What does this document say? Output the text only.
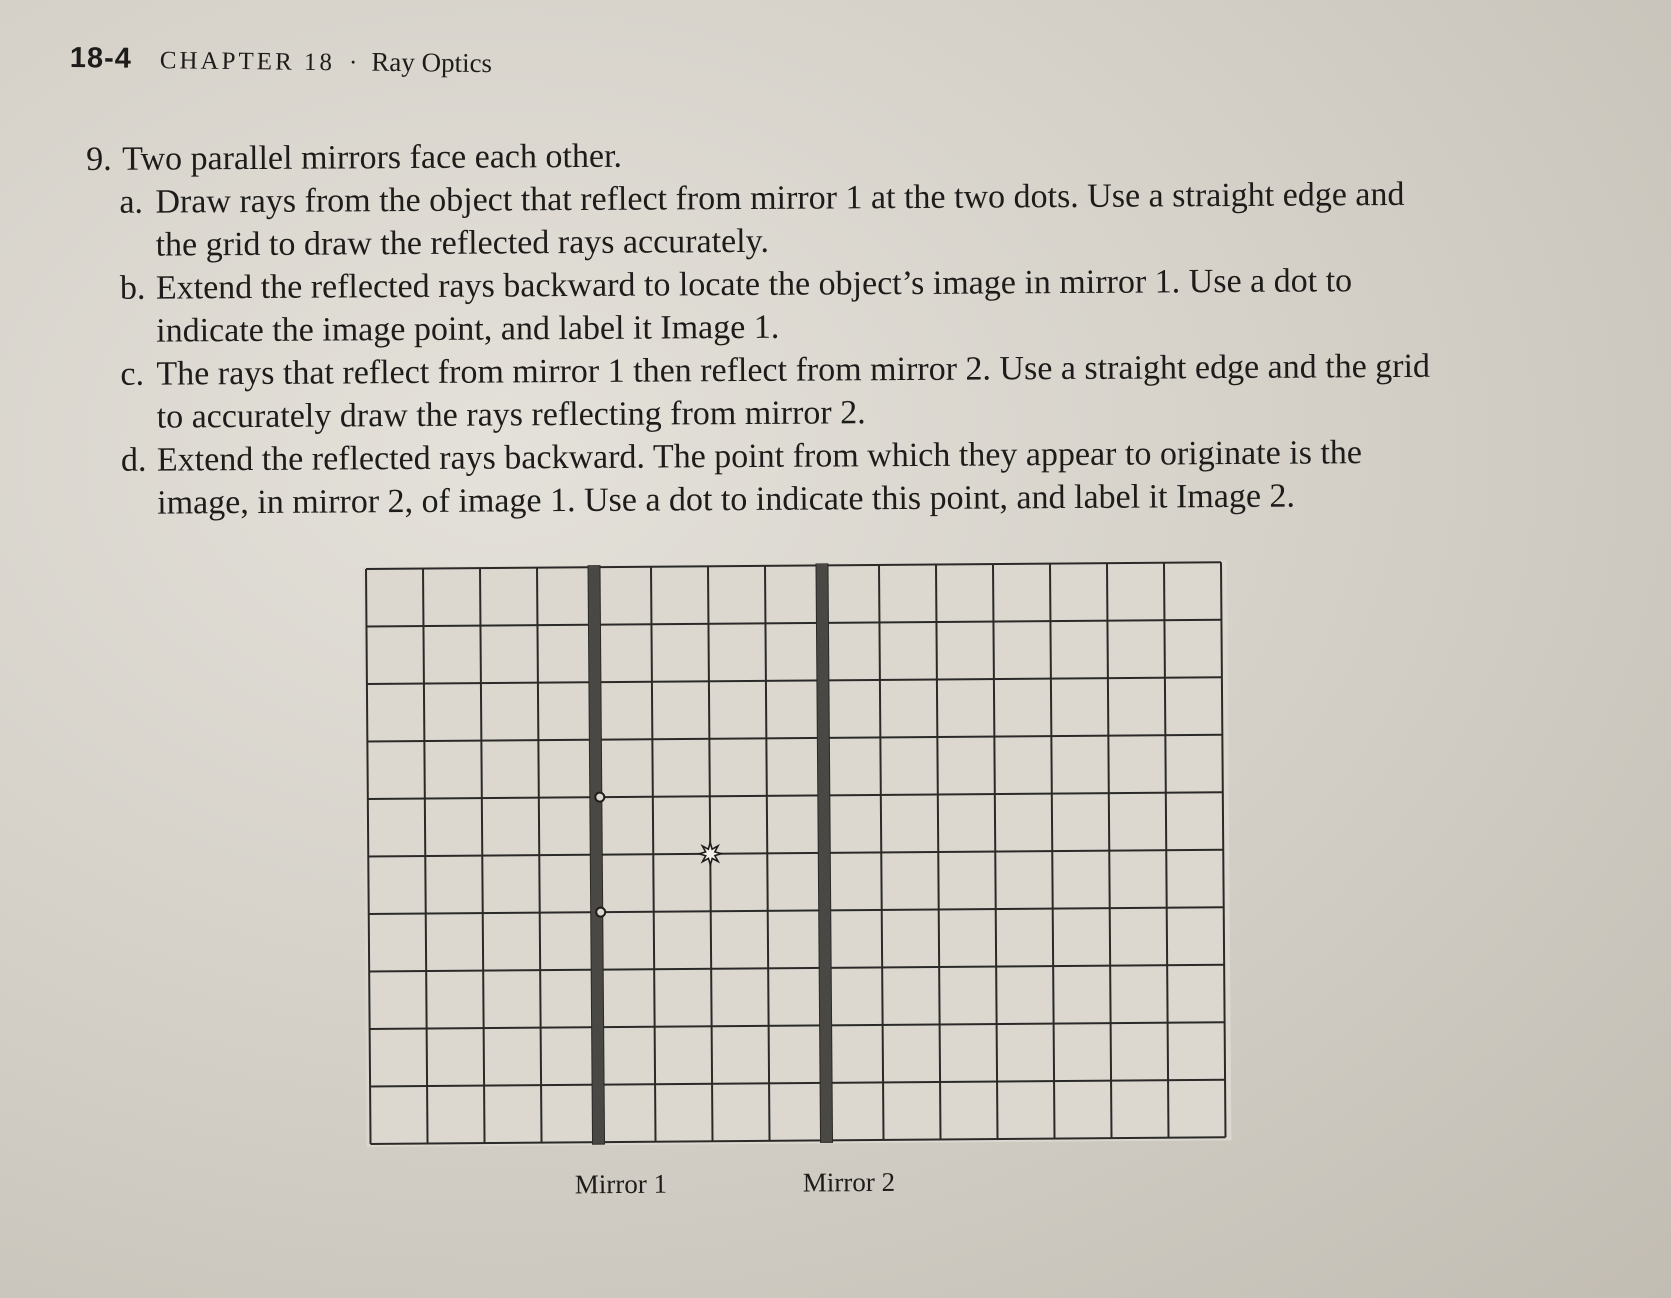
18-4 CHAPTER 18 · Ray Optics
9. Two parallel mirrors face each other.
a. Draw rays from the object that reflect from mirror 1 at the two dots. Use a straight edge and the grid to draw the reflected rays accurately.
b. Extend the reflected rays backward to locate the object’s image in mirror 1. Use a dot to indicate the image point, and label it Image 1.
c. The rays that reflect from mirror 1 then reflect from mirror 2. Use a straight edge and the grid to accurately draw the rays reflecting from mirror 2.
d. Extend the reflected rays backward. The point from which they appear to originate is the image, in mirror 2, of image 1. Use a dot to indicate this point, and label it Image 2.
Mirror 1	Mirror 2
